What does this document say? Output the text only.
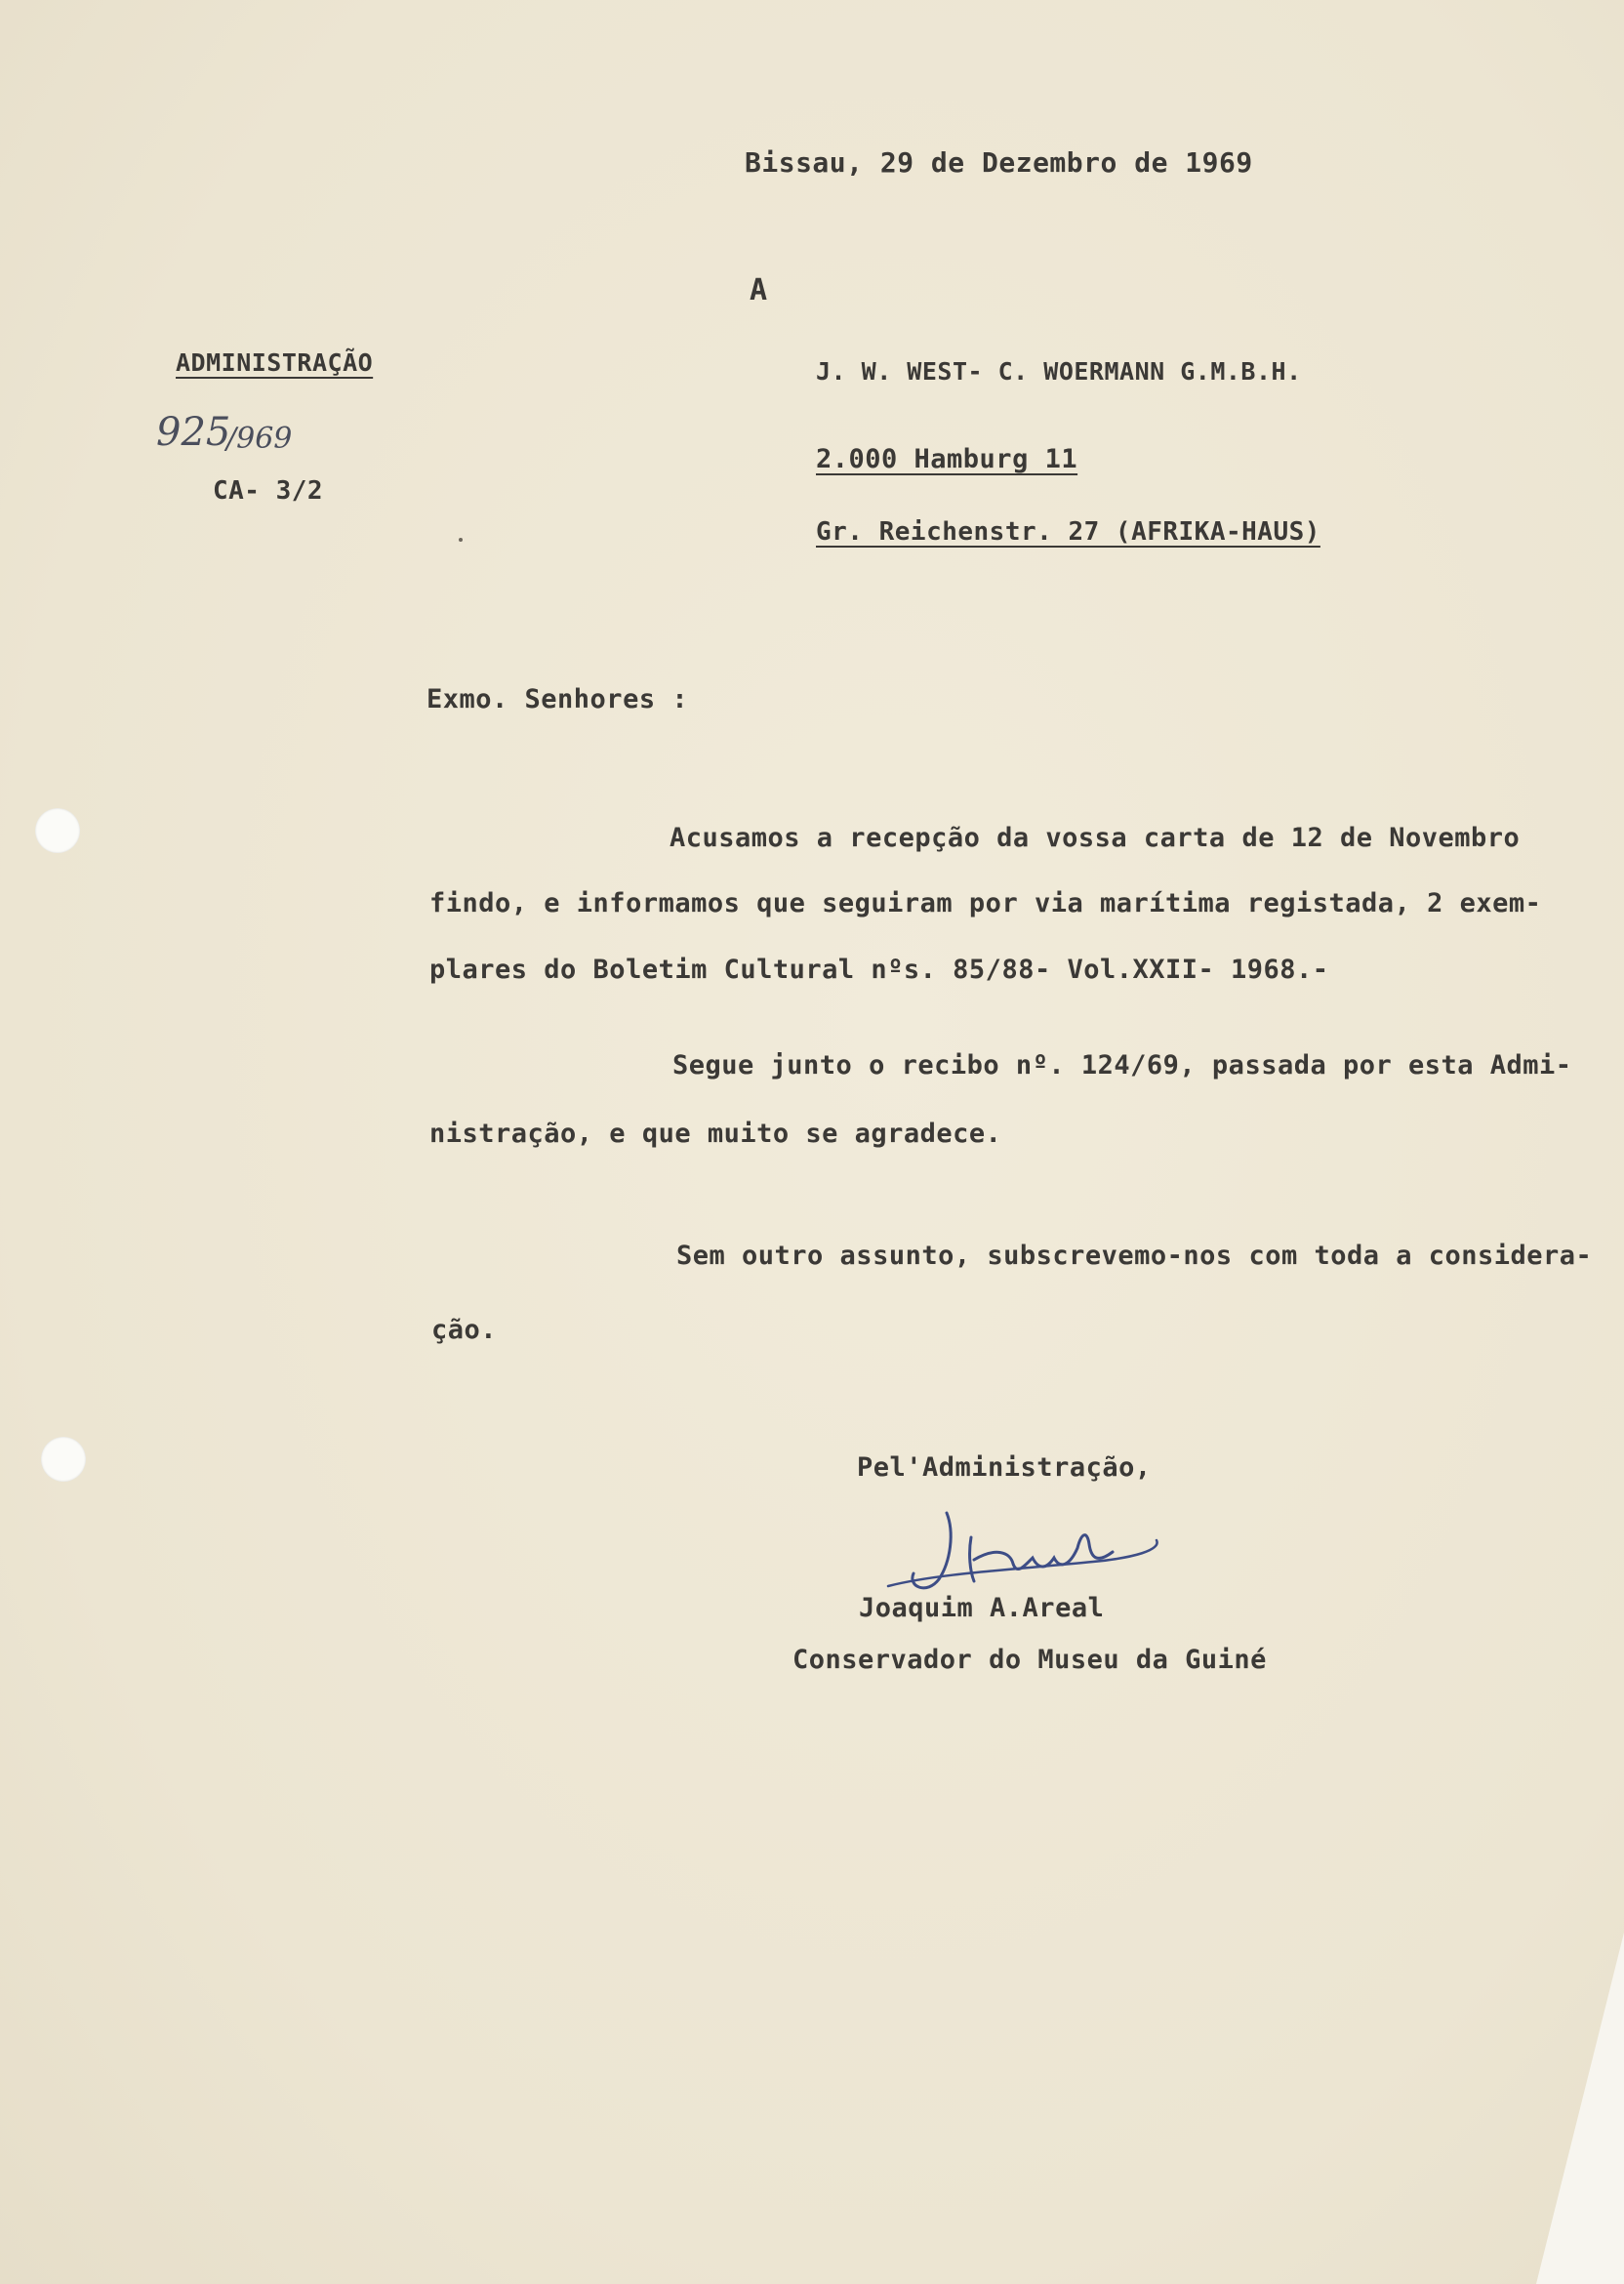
Bissau, 29 de Dezembro de 1969
A
ADMINISTRAÇÃO
925
/969
CA- 3/2
J. W. WEST- C. WOERMANN G.M.B.H.
2.000 Hamburg 11
Gr. Reichenstr. 27 (AFRIKA-HAUS)
Exmo. Senhores :
Acusamos a recepção da vossa carta de 12 de Novembro
findo, e informamos que seguiram por via marítima registada, 2 exem-
plares do Boletim Cultural nºs. 85/88- Vol.XXII- 1968.-
Segue junto o recibo nº. 124/69, passada por esta Admi-
nistração, e que muito se agradece.
Sem outro assunto, subscrevemo-nos com toda a considera-
ção.
Pel'Administração,
Joaquim A.Areal
Conservador do Museu da Guiné
